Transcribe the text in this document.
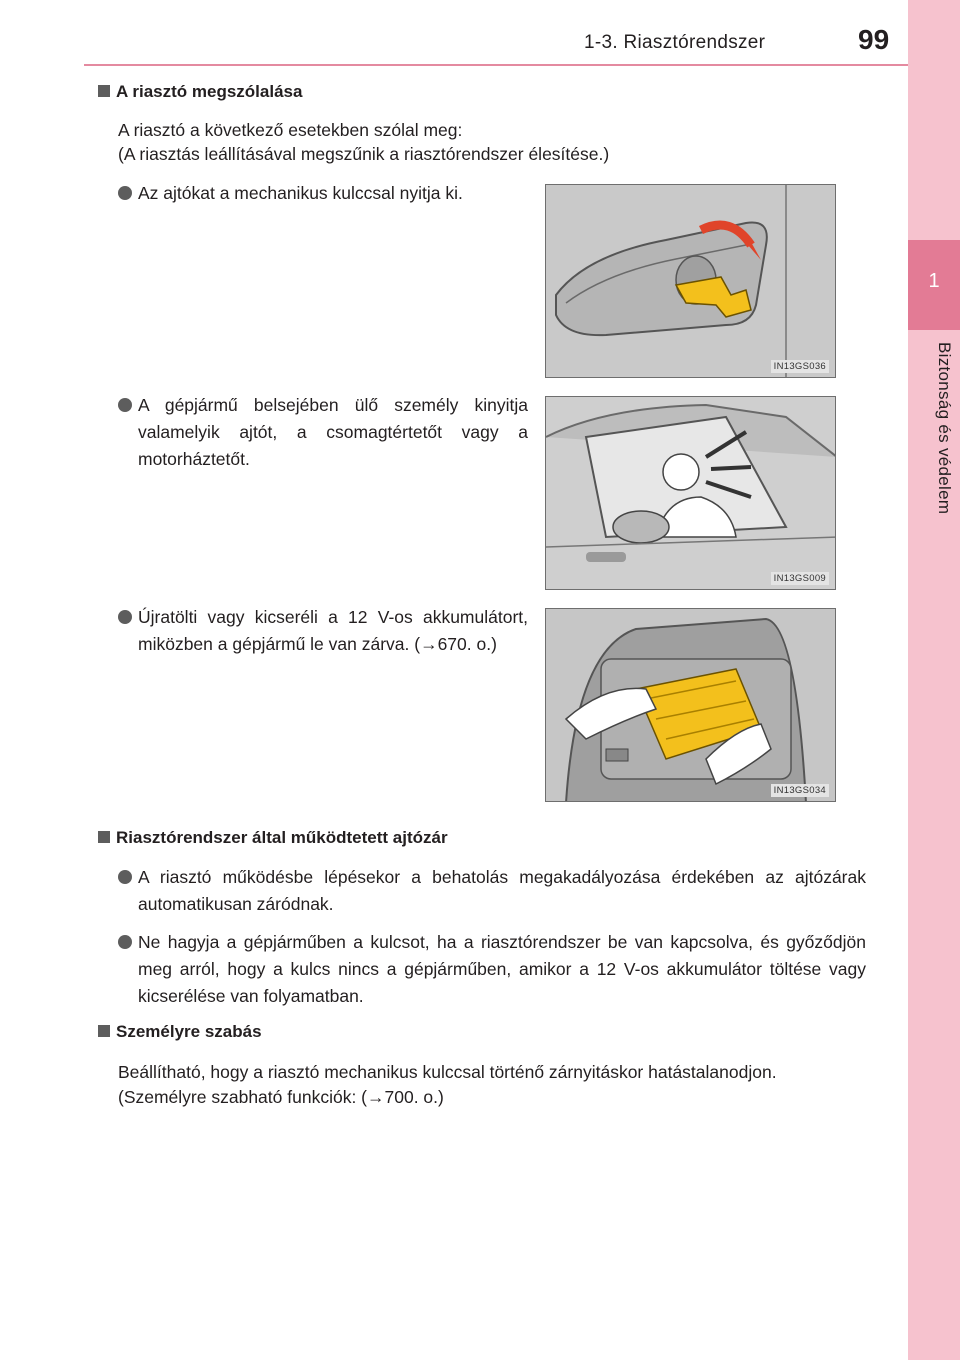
1-3. Riasztórendszer	99
1
Biztonság és védelem
A riasztó megszólalása
A riasztó a következő esetekben szólal meg:
(A riasztás leállításával megszűnik a riasztórendszer élesítése.)
Az ajtókat a mechanikus kulccsal nyitja ki.
A gépjármű belsejében ülő személy kinyitja valamelyik ajtót, a csomagtértetőt vagy a motorháztetőt.
Újratölti vagy kicseréli a 12 V-os akkumulátort, miközben a gépjármű le van zárva. (→670. o.)
IN13GS036
IN13GS009
IN13GS034
Riasztórendszer által működtetett ajtózár
A riasztó működésbe lépésekor a behatolás megakadályozása érdekében az ajtózárak automatikusan záródnak.
Ne hagyja a gépjárműben a kulcsot, ha a riasztórendszer be van kapcsolva, és győződjön meg arról, hogy a kulcs nincs a gépjárműben, amikor a 12 V-os akkumulátor töltése vagy kicserélése van folyamatban.
Személyre szabás
Beállítható, hogy a riasztó mechanikus kulccsal történő zárnyitáskor hatástalanodjon.
(Személyre szabható funkciók: (→700. o.)
